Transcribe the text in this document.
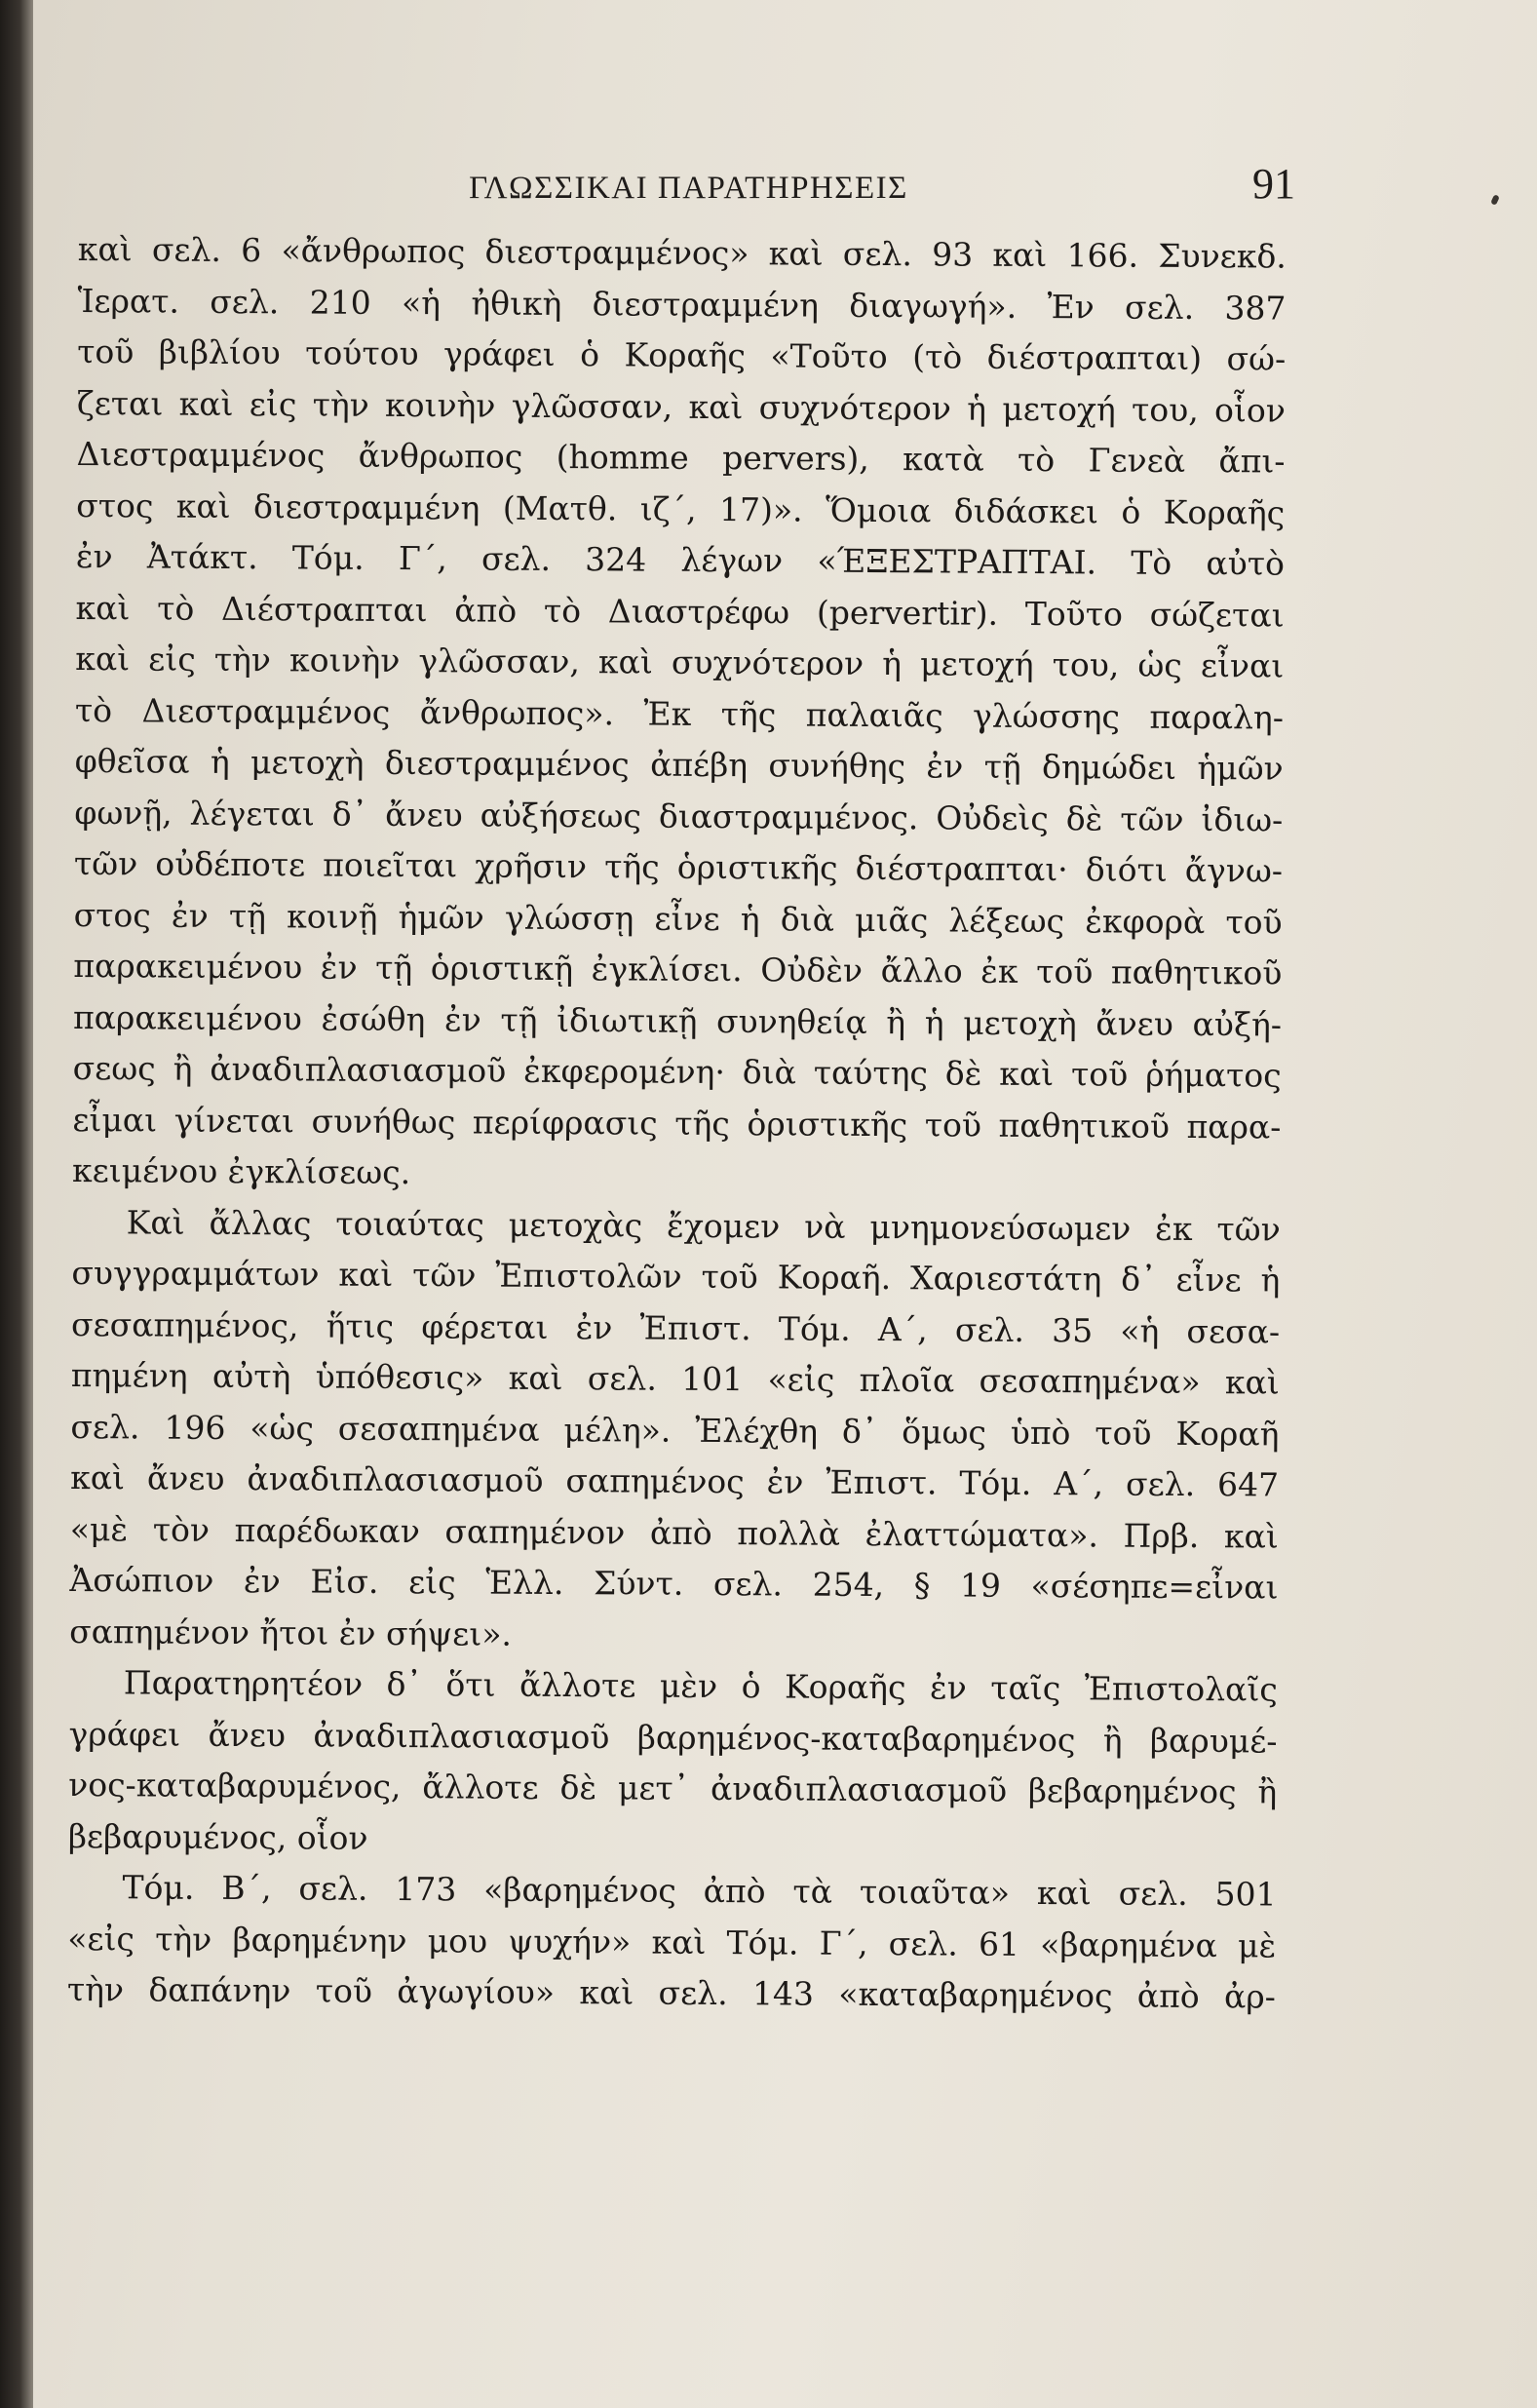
ΓΛΩΣΣΙΚΑΙ ΠΑΡΑΤΗΡΗΣΕΙΣ	91
καὶ σελ. 6 «ἄνθρωπος διεστραμμένος» καὶ σελ. 93 καὶ 166. Συνεκδ.
Ἱερατ. σελ. 210 «ἡ ἠθικὴ διεστραμμένη διαγωγή». Ἐν σελ. 387
τοῦ βιβλίου τούτου γράφει ὁ Κοραῆς «Τοῦτο (τὸ διέστραπται) σώ-
ζεται καὶ εἰς τὴν κοινὴν γλῶσσαν, καὶ συχνότερον ἡ μετοχή του, οἷον
Διεστραμμένος ἄνθρωπος (homme pervers), κατὰ τὸ Γενεὰ ἄπι-
στος καὶ διεστραμμένη (Ματθ. ιζ΄, 17)». Ὅμοια διδάσκει ὁ Κοραῆς
ἐν Ἀτάκτ. Τόμ. Γ΄, σελ. 324 λέγων «ΈΞΕΣΤΡΑΠΤΑΙ. Τὸ αὐτὸ
καὶ τὸ Διέστραπται ἀπὸ τὸ Διαστρέφω (pervertir). Τοῦτο σώζεται
καὶ εἰς τὴν κοινὴν γλῶσσαν, καὶ συχνότερον ἡ μετοχή του, ὡς εἶναι
τὸ Διεστραμμένος ἄνθρωπος». Ἐκ τῆς παλαιᾶς γλώσσης παραλη-
φθεῖσα ἡ μετοχὴ διεστραμμένος ἀπέβη συνήθης ἐν τῇ δημώδει ἡμῶν
φωνῇ, λέγεται δ᾽ ἄνευ αὐξήσεως διαστραμμένος. Οὐδεὶς δὲ τῶν ἰδιω-
τῶν οὐδέποτε ποιεῖται χρῆσιν τῆς ὁριστικῆς διέστραπται· διότι ἄγνω-
στος ἐν τῇ κοινῇ ἡμῶν γλώσσῃ εἶνε ἡ διὰ μιᾶς λέξεως ἐκφορὰ τοῦ
παρακειμένου ἐν τῇ ὁριστικῇ ἐγκλίσει. Οὐδὲν ἄλλο ἐκ τοῦ παθητικοῦ
παρακειμένου ἐσώθη ἐν τῇ ἰδιωτικῇ συνηθείᾳ ἢ ἡ μετοχὴ ἄνευ αὐξή-
σεως ἢ ἀναδιπλασιασμοῦ ἐκφερομένη· διὰ ταύτης δὲ καὶ τοῦ ῥήματος
εἶμαι γίνεται συνήθως περίφρασις τῆς ὁριστικῆς τοῦ παθητικοῦ παρα-
κειμένου ἐγκλίσεως.
Καὶ ἄλλας τοιαύτας μετοχὰς ἔχομεν νὰ μνημονεύσωμεν ἐκ τῶν
συγγραμμάτων καὶ τῶν Ἐπιστολῶν τοῦ Κοραῆ. Χαριεστάτη δ᾽ εἶνε ἡ
σεσαπημένος, ἥτις φέρεται ἐν Ἐπιστ. Τόμ. Α΄, σελ. 35 «ἡ σεσα-
πημένη αὐτὴ ὑπόθεσις» καὶ σελ. 101 «εἰς πλοῖα σεσαπημένα» καὶ
σελ. 196 «ὡς σεσαπημένα μέλη». Ἐλέχθη δ᾽ ὅμως ὑπὸ τοῦ Κοραῆ
καὶ ἄνευ ἀναδιπλασιασμοῦ σαπημένος ἐν Ἐπιστ. Τόμ. Α΄, σελ. 647
«μὲ τὸν παρέδωκαν σαπημένον ἀπὸ πολλὰ ἐλαττώματα». Πρβ. καὶ
Ἀσώπιον ἐν Εἰσ. εἰς Ἑλλ. Σύντ. σελ. 254, § 19 «σέσηπε=εἶναι
σαπημένον ἤτοι ἐν σήψει».
Παρατηρητέον δ᾽ ὅτι ἄλλοτε μὲν ὁ Κοραῆς ἐν ταῖς Ἐπιστολαῖς
γράφει ἄνευ ἀναδιπλασιασμοῦ βαρημένος-καταβαρημένος ἢ βαρυμέ-
νος-καταβαρυμένος, ἄλλοτε δὲ μετ᾽ ἀναδιπλασιασμοῦ βεβαρημένος ἢ
βεβαρυμένος, οἷον
Τόμ. Β΄, σελ. 173 «βαρημένος ἀπὸ τὰ τοιαῦτα» καὶ σελ. 501
«εἰς τὴν βαρημένην μου ψυχήν» καὶ Τόμ. Γ΄, σελ. 61 «βαρημένα μὲ
τὴν δαπάνην τοῦ ἀγωγίου» καὶ σελ. 143 «καταβαρημένος ἀπὸ ἀρ-
